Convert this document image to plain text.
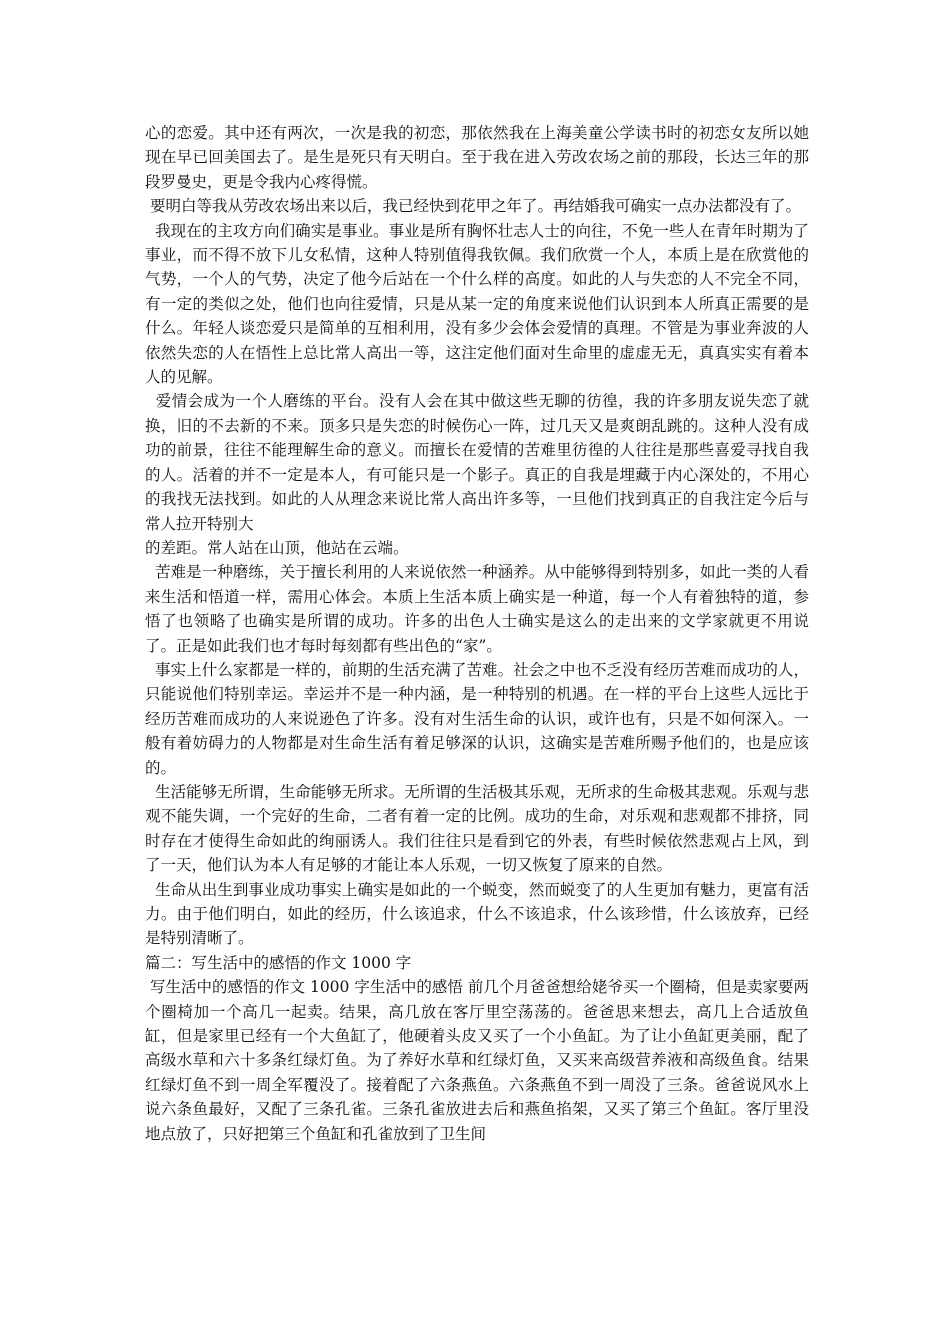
心的恋爱。其中还有两次，一次是我的初恋，那依然我在上海美童公学读书时的初恋女友所以她现在早已回美国去了。是生是死只有天明白。至于我在进入劳改农场之前的那段，长达三年的那段罗曼史，更是令我内心疼得慌。

要明白等我从劳改农场出来以后，我已经快到花甲之年了。再结婚我可确实一点办法都没有了。

我现在的主攻方向们确实是事业。事业是所有胸怀壮志人士的向往，不免一些人在青年时期为了事业，而不得不放下儿女私情，这种人特别值得我钦佩。我们欣赏一个人，本质上是在欣赏他的气势，一个人的气势，决定了他今后站在一个什么样的高度。如此的人与失恋的人不完全不同，有一定的类似之处，他们也向往爱情，只是从某一定的角度来说他们认识到本人所真正需要的是什么。年轻人谈恋爱只是简单的互相利用，没有多少会体会爱情的真理。不管是为事业奔波的人依然失恋的人在悟性上总比常人高出一等，这注定他们面对生命里的虚虚无无，真真实实有着本人的见解。

爱情会成为一个人磨练的平台。没有人会在其中做这些无聊的彷徨，我的许多朋友说失恋了就换，旧的不去新的不来。顶多只是失恋的时候伤心一阵，过几天又是爽朗乱跳的。这种人没有成功的前景，往往不能理解生命的意义。而擅长在爱情的苦难里彷徨的人往往是那些喜爱寻找自我的人。活着的并不一定是本人，有可能只是一个影子。真正的自我是埋藏于内心深处的，不用心的我找无法找到。如此的人从理念来说比常人高出许多等，一旦他们找到真正的自我注定今后与常人拉开特别大

的差距。常人站在山顶，他站在云端。

苦难是一种磨练，关于擅长利用的人来说依然一种涵养。从中能够得到特别多，如此一类的人看来生活和悟道一样，需用心体会。本质上生活本质上确实是一种道，每一个人有着独特的道，参悟了也领略了也确实是所谓的成功。许多的出色人士确实是这么的走出来的文学家就更不用说了。正是如此我们也才每时每刻都有些出色的“家”。

事实上什么家都是一样的，前期的生活充满了苦难。社会之中也不乏没有经历苦难而成功的人，只能说他们特别幸运。幸运并不是一种内涵，是一种特别的机遇。在一样的平台上这些人远比于经历苦难而成功的人来说逊色了许多。没有对生活生命的认识，或许也有，只是不如何深入。一般有着妨碍力的人物都是对生命生活有着足够深的认识，这确实是苦难所赐予他们的，也是应该的。

生活能够无所谓，生命能够无所求。无所谓的生活极其乐观，无所求的生命极其悲观。乐观与悲观不能失调，一个完好的生命，二者有着一定的比例。成功的生命，对乐观和悲观都不排挤，同时存在才使得生命如此的绚丽诱人。我们往往只是看到它的外表，有些时候依然悲观占上风，到了一天，他们认为本人有足够的才能让本人乐观，一切又恢复了原来的自然。

生命从出生到事业成功事实上确实是如此的一个蜕变，然而蜕变了的人生更加有魅力，更富有活力。由于他们明白，如此的经历，什么该追求，什么不该追求，什么该珍惜，什么该放弃，已经是特别清晰了。

篇二：写生活中的感悟的作文 1000 字

写生活中的感悟的作文 1000 字生活中的感悟 前几个月爸爸想给姥爷买一个圈椅，但是卖家要两个圈椅加一个高几一起卖。结果，高几放在客厅里空荡荡的。爸爸思来想去，高几上合适放鱼缸，但是家里已经有一个大鱼缸了，他硬着头皮又买了一个小鱼缸。为了让小鱼缸更美丽，配了高级水草和六十多条红绿灯鱼。为了养好水草和红绿灯鱼，又买来高级营养液和高级鱼食。结果红绿灯鱼不到一周全军覆没了。接着配了六条燕鱼。六条燕鱼不到一周没了三条。爸爸说风水上说六条鱼最好，又配了三条孔雀。三条孔雀放进去后和燕鱼掐架，又买了第三个鱼缸。客厅里没地点放了，只好把第三个鱼缸和孔雀放到了卫生间
